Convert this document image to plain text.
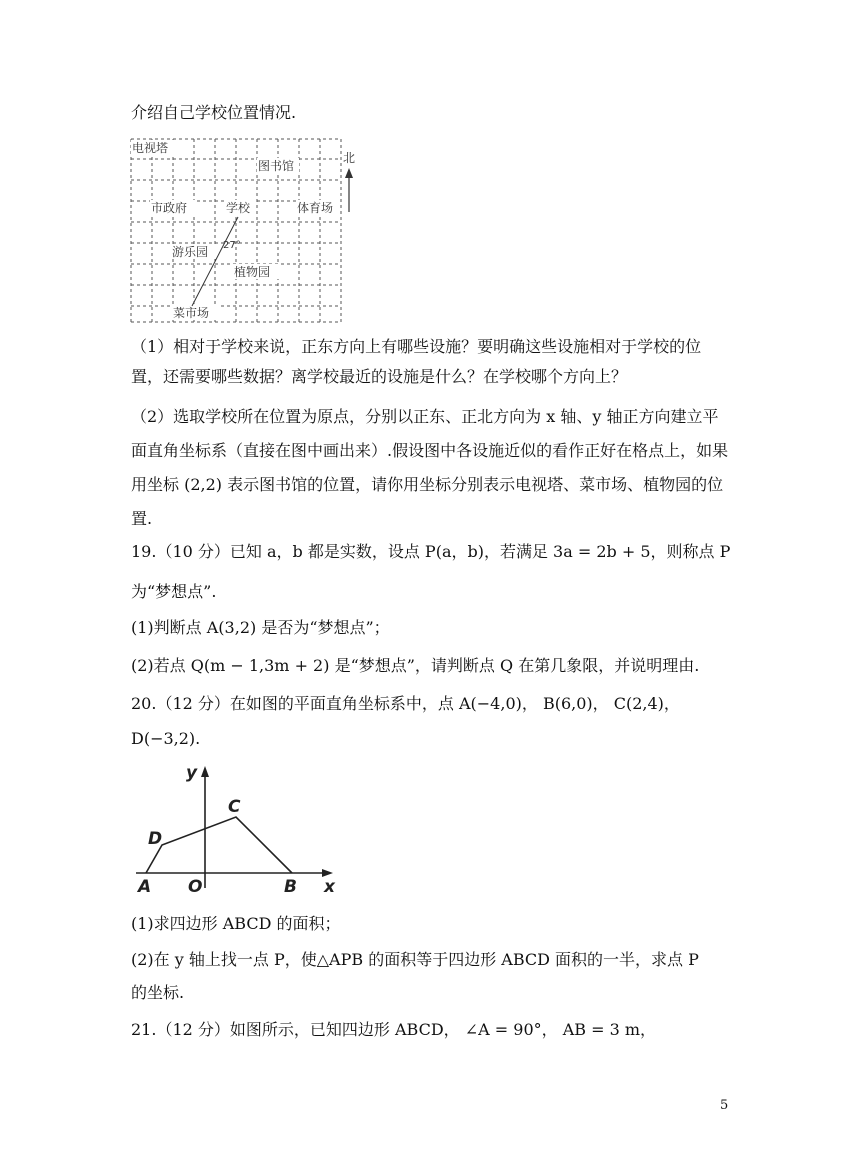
介绍自己学校位置情况.
电视塔
图书馆
市政府	学校	体育场
游乐园 27°
植物园
菜市场
北
（1）相对于学校来说，正东方向上有哪些设施？要明确这些设施相对于学校的位置，还需要哪些数据？离学校最近的设施是什么？在学校哪个方向上？
（2）选取学校所在位置为原点，分别以正东、正北方向为 x 轴、y 轴正方向建立平面直角坐标系（直接在图中画出来）.假设图中各设施近似的看作正好在格点上，如果用坐标 (2,2) 表示图书馆的位置，请你用坐标分别表示电视塔、菜市场、植物园的位置.
19.（10 分）已知 a，b 都是实数，设点 P(a，b)，若满足 3a = 2b + 5，则称点 P
为“梦想点”.
(1)判断点 A(3,2) 是否为“梦想点”；
(2)若点 Q(m − 1,3m + 2) 是“梦想点”，请判断点 Q 在第几象限，并说明理由.
20.（12 分）在如图的平面直角坐标系中，点 A(−4,0)， B(6,0)， C(2,4)，
D(−3,2).
y
x
O
A	B
C
D
(1)求四边形 ABCD 的面积；
(2)在 y 轴上找一点 P，使△APB 的面积等于四边形 ABCD 面积的一半，求点 P
的坐标.
21.（12 分）如图所示，已知四边形 ABCD， ∠A = 90°， AB = 3 m，
5
